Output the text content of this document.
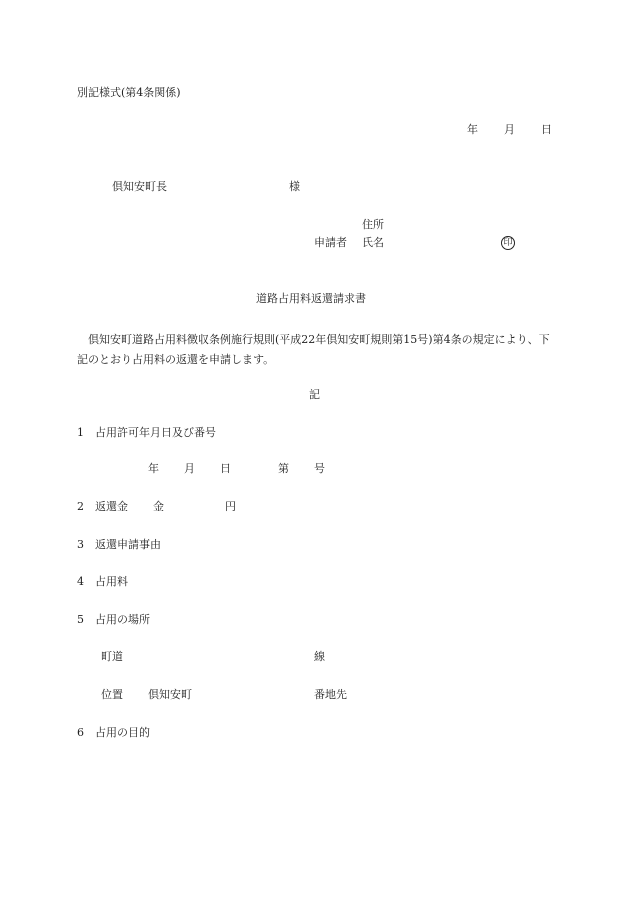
別記様式(第4条関係)
年 月 日
倶知安町長	様
住所
申請者 氏名	印
道路占用料返還請求書
倶知安町道路占用料徴収条例施行規則(平成22年倶知安町規則第15号)第4条の規定により、下記のとおり占用料の返還を申請します。
記
1 占用許可年月日及び番号
年 月 日	第 号
2 返還金 金	円
3 返還申請事由
4 占用料
5 占用の場所
町道	線
位置 倶知安町	番地先
6 占用の目的
